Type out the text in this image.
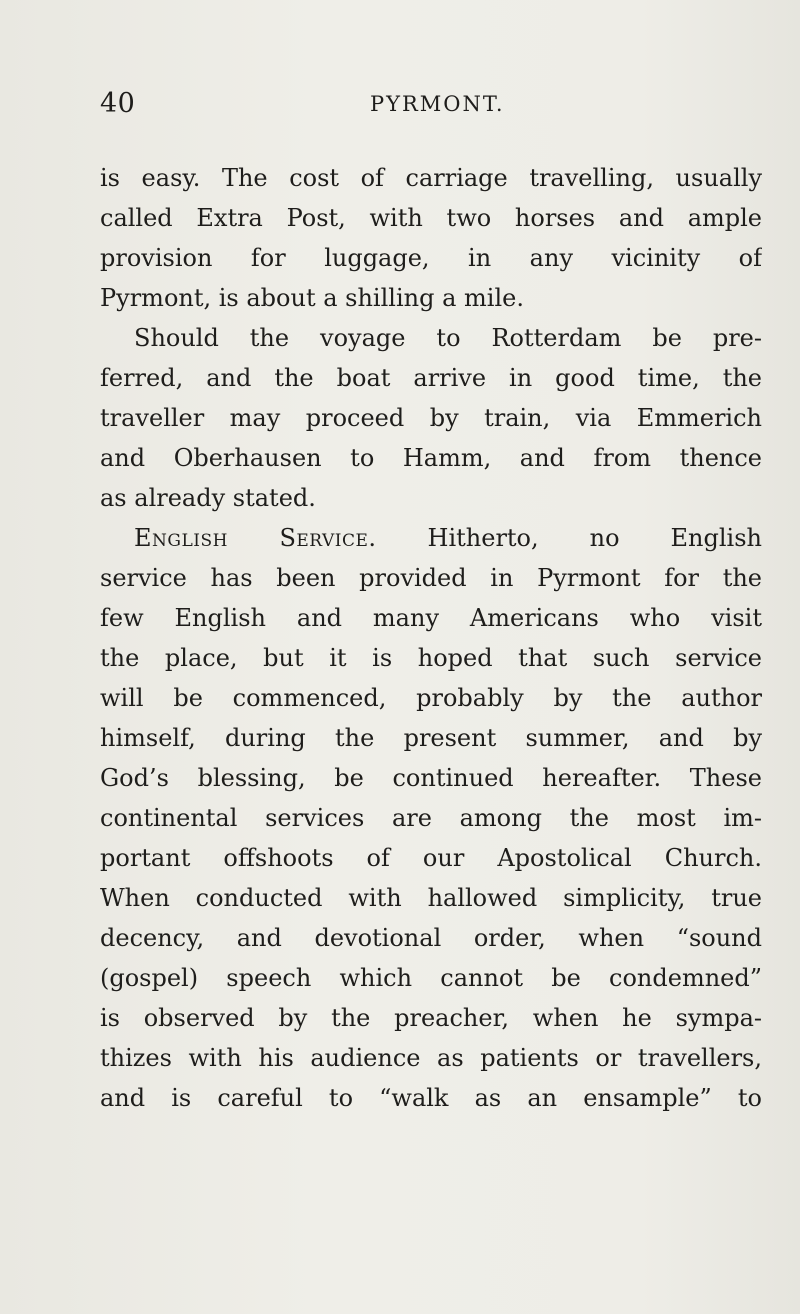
40	PYRMONT.
is easy. The cost of carriage travelling, usually
called Extra Post, with two horses and ample
provision for luggage, in any vicinity of
Pyrmont, is about a shilling a mile.
Should the voyage to Rotterdam be pre-
ferred, and the boat arrive in good time, the
traveller may proceed by train, via Emmerich
and Oberhausen to Hamm, and from thence
as already stated.
English Service. Hitherto, no English
service has been provided in Pyrmont for the
few English and many Americans who visit
the place, but it is hoped that such service
will be commenced, probably by the author
himself, during the present summer, and by
God’s blessing, be continued hereafter. These
continental services are among the most im-
portant offshoots of our Apostolical Church.
When conducted with hallowed simplicity, true
decency, and devotional order, when “sound
(gospel) speech which cannot be condemned”
is observed by the preacher, when he sympa-
thizes with his audience as patients or travellers,
and is careful to “walk as an ensample” to
